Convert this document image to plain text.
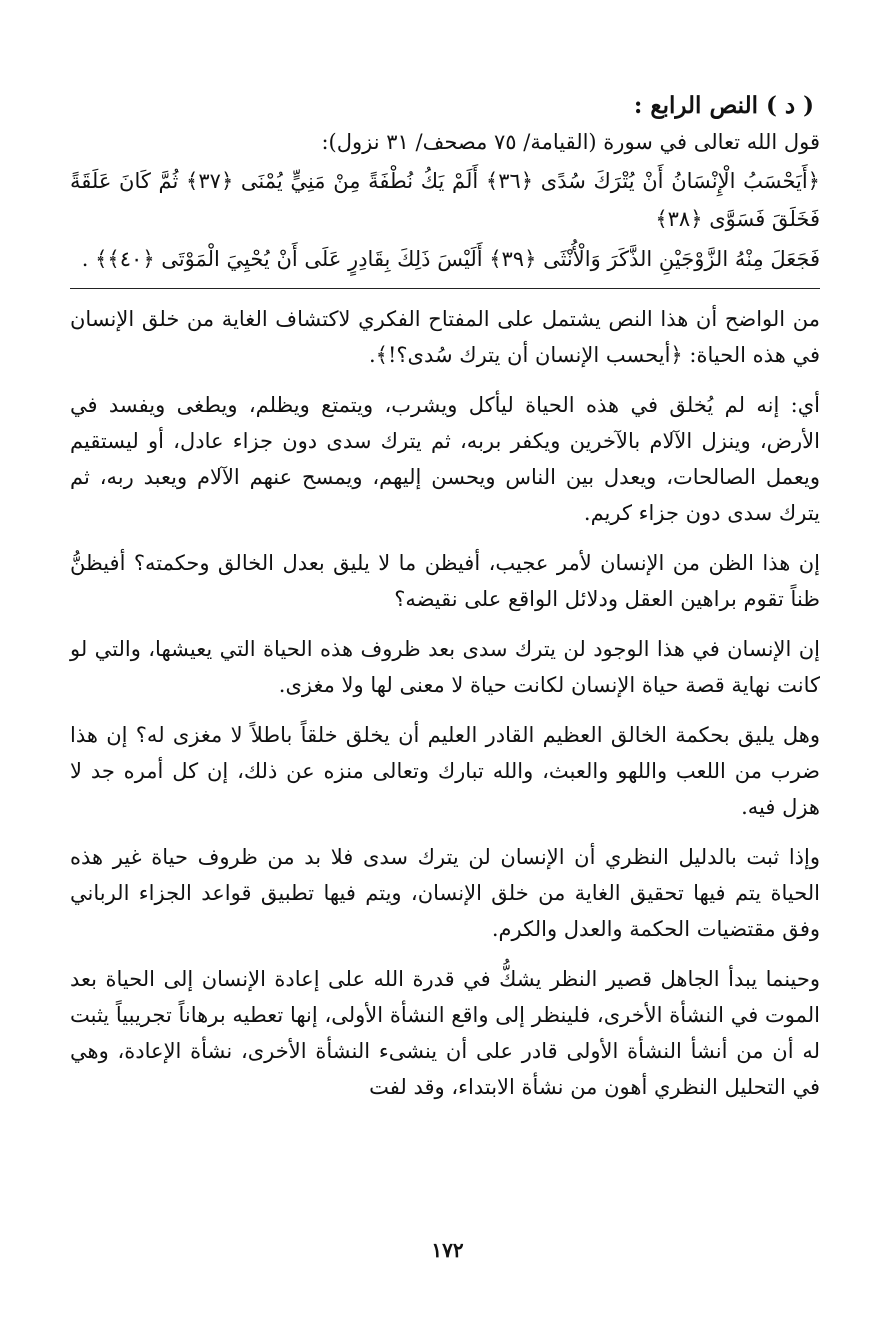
( د ) النص الرابع :
قول الله تعالى في سورة (القيامة/ ٧٥ مصحف/ ٣١ نزول):
﴿أَيَحْسَبُ الْإِنْسَانُ أَنْ يُتْرَكَ سُدًى ﴿٣٦﴾ أَلَمْ يَكُ نُطْفَةً مِنْ مَنِيٍّ يُمْنَى ﴿٣٧﴾ ثُمَّ كَانَ عَلَقَةً فَخَلَقَ فَسَوَّى ﴿٣٨﴾
فَجَعَلَ مِنْهُ الزَّوْجَيْنِ الذَّكَرَ وَالْأُنْثَى ﴿٣٩﴾ أَلَيْسَ ذَلِكَ بِقَادِرٍ عَلَى أَنْ يُحْيِيَ الْمَوْتَى ﴿٤٠﴾﴾ .

من الواضح أن هذا النص يشتمل على المفتاح الفكري لاكتشاف الغاية من خلق الإنسان في هذه الحياة: ﴿أيحسب الإنسان أن يترك سُدى؟!﴾.

أي: إنه لم يُخلق في هذه الحياة ليأكل ويشرب، ويتمتع ويظلم، ويطغى ويفسد في الأرض، وينزل الآلام بالآخرين ويكفر بربه، ثم يترك سدى دون جزاء عادل، أو ليستقيم ويعمل الصالحات، ويعدل بين الناس ويحسن إليهم، ويمسح عنهم الآلام ويعبد ربه، ثم يترك سدى دون جزاء كريم.

إن هذا الظن من الإنسان لأمر عجيب، أفيظن ما لا يليق بعدل الخالق وحكمته؟ أفيظنُّ ظناً تقوم براهين العقل ودلائل الواقع على نقيضه؟

إن الإنسان في هذا الوجود لن يترك سدى بعد ظروف هذه الحياة التي يعيشها، والتي لو كانت نهاية قصة حياة الإنسان لكانت حياة لا معنى لها ولا مغزى.

وهل يليق بحكمة الخالق العظيم القادر العليم أن يخلق خلقاً باطلاً لا مغزى له؟ إن هذا ضرب من اللعب واللهو والعبث، والله تبارك وتعالى منزه عن ذلك، إن كل أمره جد لا هزل فيه.

وإذا ثبت بالدليل النظري أن الإنسان لن يترك سدى فلا بد من ظروف حياة غير هذه الحياة يتم فيها تحقيق الغاية من خلق الإنسان، ويتم فيها تطبيق قواعد الجزاء الرباني وفق مقتضيات الحكمة والعدل والكرم.

وحينما يبدأ الجاهل قصير النظر يشكُّ في قدرة الله على إعادة الإنسان إلى الحياة بعد الموت في النشأة الأخرى، فلينظر إلى واقع النشأة الأولى، إنها تعطيه برهاناً تجريبياً يثبت له أن من أنشأ النشأة الأولى قادر على أن ينشىء النشأة الأخرى، نشأة الإعادة، وهي في التحليل النظري أهون من نشأة الابتداء، وقد لفت

١٧٢
